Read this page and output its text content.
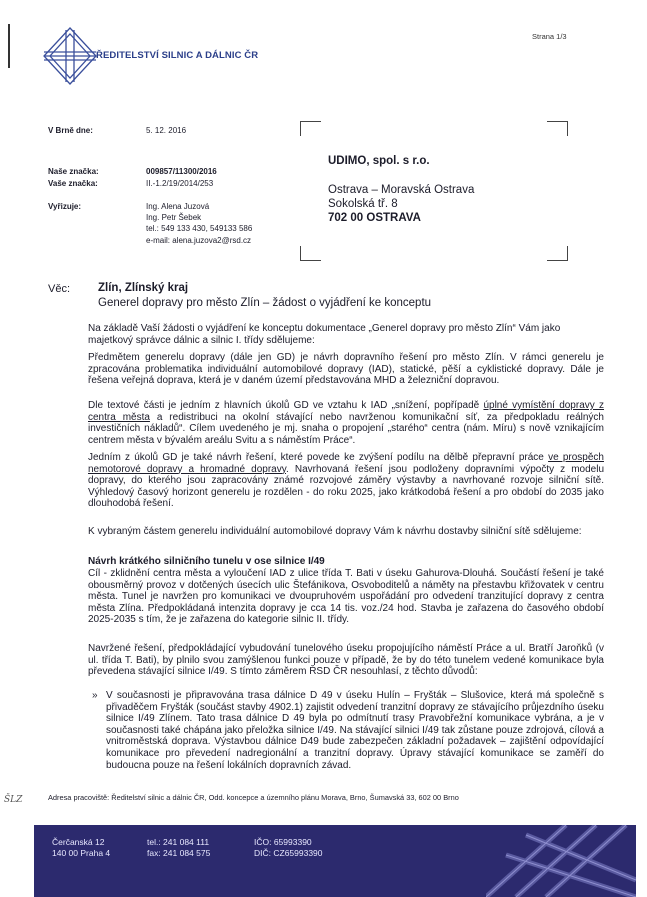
ŘEDITELSTVÍ SILNIC A DÁLNIC ČR
Strana 1/3
V Brně dne:	5. 12. 2016
Naše značka:	009857/11300/2016
Vaše značka:	II.-1.2/19/2014/253
Vyřizuje:	Ing. Alena Juzová
Ing. Petr Šebek
tel.: 549 133 430, 549133 586
e-mail: alena.juzova2@rsd.cz
UDIMO, spol. s r.o.
Ostrava – Moravská Ostrava
Sokolská tř. 8
702 00 OSTRAVA
Věc: Zlín, Zlínský kraj
Generel dopravy pro město Zlín – žádost o vyjádření ke konceptu
Na základě Vaší žádosti o vyjádření ke konceptu dokumentace „Generel dopravy pro město Zlín“ Vám jako majetkový správce dálnic a silnic I. třídy sdělujeme:
Předmětem generelu dopravy (dále jen GD) je návrh dopravního řešení pro město Zlín. V rámci generelu je zpracována problematika individuální automobilové dopravy (IAD), statické, pěší a cyklistické dopravy. Dále je řešena veřejná doprava, která je v daném území představována MHD a železniční dopravou.
Dle textové části je jedním z hlavních úkolů GD ve vztahu k IAD „snížení, popřípadě úplné vymístění dopravy z centra města a redistribuci na okolní stávající nebo navrženou komunikační síť, za předpokladu reálných investičních nákladů“. Cílem uvedeného je mj. snaha o propojení „starého“ centra (nám. Míru) s nově vznikajícím centrem města v bývalém areálu Svitu a s náměstím Práce“.
Jedním z úkolů GD je také návrh řešení, které povede ke zvýšení podílu na dělbě přepravní práce ve prospěch nemotorové dopravy a hromadné dopravy. Navrhovaná řešení jsou podloženy dopravními výpočty z modelu dopravy, do kterého jsou zapracovány známé rozvojové záměry výstavby a navrhované rozvoje silniční sítě. Výhledový časový horizont generelu je rozdělen - do roku 2025, jako krátkodobá řešení a pro období do 2035 jako dlouhodobá řešení.
K vybraným částem generelu individuální automobilové dopravy Vám k návrhu dostavby silniční sítě sdělujeme:
Návrh krátkého silničního tunelu v ose silnice I/49
Cíl - zklidnění centra města a vyloučení IAD z ulice třída T. Bati v úseku Gahurova-Dlouhá. Součástí řešení je také obousměrný provoz v dotčených úsecích ulic Štefánikova, Osvoboditelů a náměty na přestavbu křižovatek v centru města. Tunel je navržen pro komunikaci ve dvoupruhovém uspořádání pro odvedení tranzitující dopravy z centra města Zlína. Předpokládaná intenzita dopravy je cca 14 tis. voz./24 hod. Stavba je zařazena do časového období 2025-2035 s tím, že je zařazena do kategorie silnic II. třídy.
Navržené řešení, předpokládající vybudování tunelového úseku propojujícího náměstí Práce a ul. Bratří Jaroňků (v ul. třída T. Bati), by plnilo svou zamýšlenou funkci pouze v případě, že by do této tunelem vedené komunikace byla převedena stávající silnice I/49. S tímto záměrem ŘSD ČR nesouhlasí, z těchto důvodů:
» V současnosti je připravována trasa dálnice D 49 v úseku Hulín – Fryšták – Slušovice, která má společně s přivaděčem Fryšták (součást stavby 4902.1) zajistit odvedení tranzitní dopravy ze stávajícího průjezdního úseku silnice I/49 Zlínem. Tato trasa dálnice D 49 byla po odmítnutí trasy Pravobřežní komunikace vybrána, a je v současnosti také chápána jako přeložka silnice I/49. Na stávající silnici I/49 tak zůstane pouze zdrojová, cílová a vnitroměstská doprava. Výstavbou dálnice D49 bude zabezpečen základní požadavek – zajištění odpovídající komunikace pro převedení nadregionální a tranzitní dopravy. Úpravy stávající komunikace se zaměří do budoucna pouze na řešení lokálních dopravních závad.
ŠLZ	Adresa pracoviště: Ředitelství silnic a dálnic ČR, Odd. koncepce a územního plánu Morava, Brno, Šumavská 33, 602 00 Brno
Čerčanská 12
140 00 Praha 4
tel.: 241 084 111
fax: 241 084 575
IČO: 65993390
DIČ: CZ65993390
